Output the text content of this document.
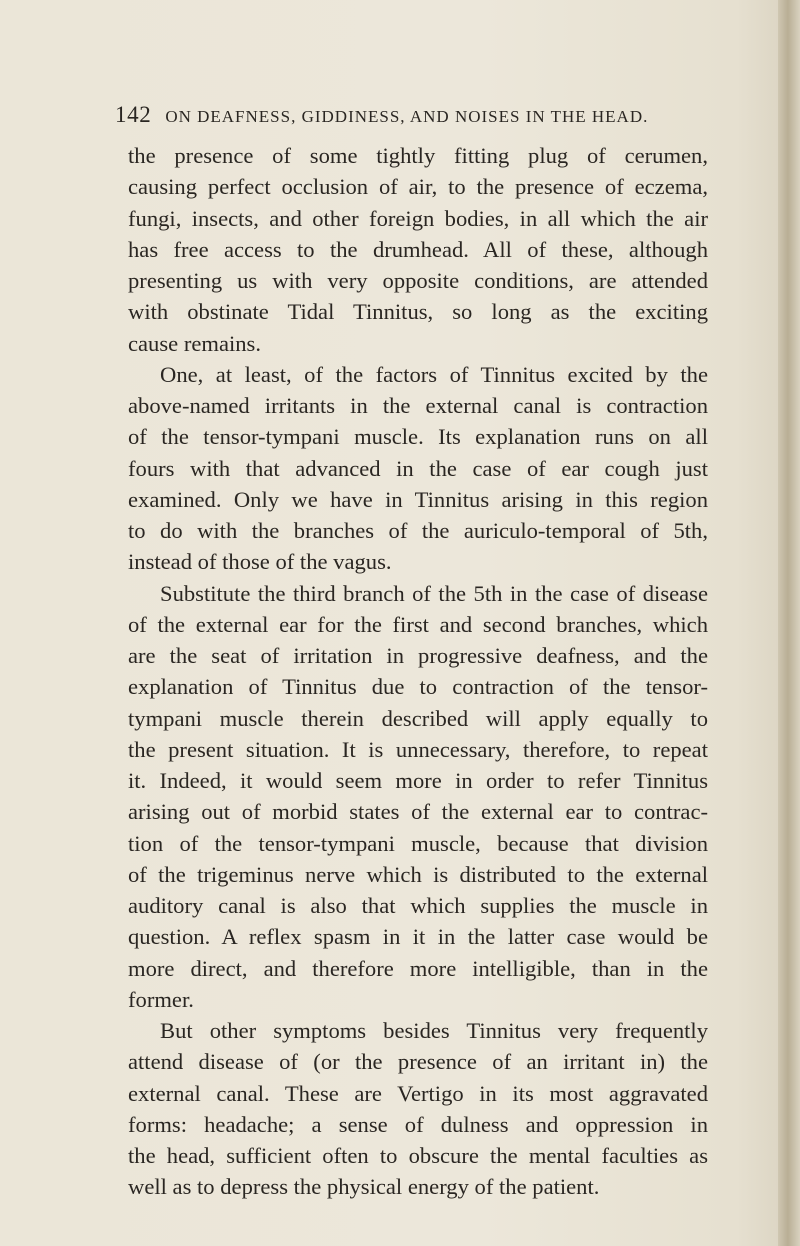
142 ON DEAFNESS, GIDDINESS, AND NOISES IN THE HEAD.
the presence of some tightly fitting plug of cerumen,
causing perfect occlusion of air, to the presence of eczema,
fungi, insects, and other foreign bodies, in all which the air
has free access to the drumhead. All of these, although
presenting us with very opposite conditions, are attended
with obstinate Tidal Tinnitus, so long as the exciting
cause remains.
One, at least, of the factors of Tinnitus excited by the
above-named irritants in the external canal is contraction
of the tensor-tympani muscle. Its explanation runs on all
fours with that advanced in the case of ear cough just
examined. Only we have in Tinnitus arising in this region
to do with the branches of the auriculo-temporal of 5th,
instead of those of the vagus.
Substitute the third branch of the 5th in the case of disease
of the external ear for the first and second branches, which
are the seat of irritation in progressive deafness, and the
explanation of Tinnitus due to contraction of the tensor-
tympani muscle therein described will apply equally to
the present situation. It is unnecessary, therefore, to repeat
it. Indeed, it would seem more in order to refer Tinnitus
arising out of morbid states of the external ear to contrac-
tion of the tensor-tympani muscle, because that division
of the trigeminus nerve which is distributed to the external
auditory canal is also that which supplies the muscle in
question. A reflex spasm in it in the latter case would be
more direct, and therefore more intelligible, than in the
former.
But other symptoms besides Tinnitus very frequently
attend disease of (or the presence of an irritant in) the
external canal. These are Vertigo in its most aggravated
forms: headache; a sense of dulness and oppression in
the head, sufficient often to obscure the mental faculties as
well as to depress the physical energy of the patient.
